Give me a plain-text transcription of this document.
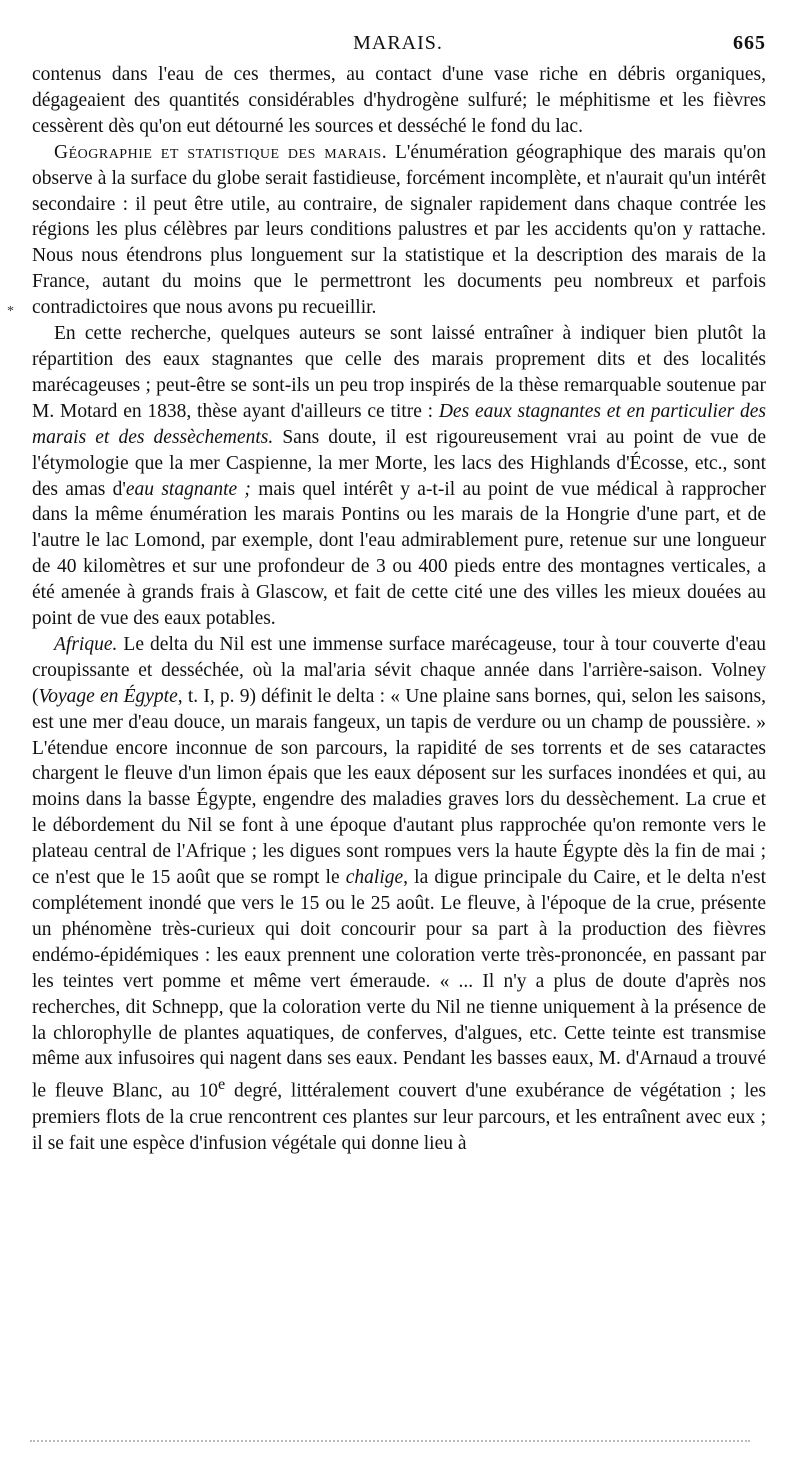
MARAIS.	665
*

contenus dans l'eau de ces thermes, au contact d'une vase riche en débris organiques, dégageaient des quantités considérables d'hydrogène sulfuré; le méphitisme et les fièvres cessèrent dès qu'on eut détourné les sources et desséché le fond du lac.

Géographie et statistique des marais. L'énumération géographique des marais qu'on observe à la surface du globe serait fastidieuse, forcément incomplète, et n'aurait qu'un intérêt secondaire : il peut être utile, au contraire, de signaler rapidement dans chaque contrée les régions les plus célèbres par leurs conditions palustres et par les accidents qu'on y rattache. Nous nous étendrons plus longuement sur la statistique et la description des marais de la France, autant du moins que le permettront les documents peu nombreux et parfois contradictoires que nous avons pu recueillir.

En cette recherche, quelques auteurs se sont laissé entraîner à indiquer bien plutôt la répartition des eaux stagnantes que celle des marais proprement dits et des localités marécageuses ; peut-être se sont-ils un peu trop inspirés de la thèse remarquable soutenue par M. Motard en 1838, thèse ayant d'ailleurs ce titre : Des eaux stagnantes et en particulier des marais et des dessèchements. Sans doute, il est rigoureusement vrai au point de vue de l'étymologie que la mer Caspienne, la mer Morte, les lacs des Highlands d'Écosse, etc., sont des amas d'eau stagnante ; mais quel intérêt y a-t-il au point de vue médical à rapprocher dans la même énumération les marais Pontins ou les marais de la Hongrie d'une part, et de l'autre le lac Lomond, par exemple, dont l'eau admirablement pure, retenue sur une longueur de 40 kilomètres et sur une profondeur de 3 ou 400 pieds entre des montagnes verticales, a été amenée à grands frais à Glascow, et fait de cette cité une des villes les mieux douées au point de vue des eaux potables.

Afrique. Le delta du Nil est une immense surface marécageuse, tour à tour couverte d'eau croupissante et desséchée, où la mal'aria sévit chaque année dans l'arrière-saison. Volney (Voyage en Égypte, t. I, p. 9) définit le delta : « Une plaine sans bornes, qui, selon les saisons, est une mer d'eau douce, un marais fangeux, un tapis de verdure ou un champ de poussière. » L'étendue encore inconnue de son parcours, la rapidité de ses torrents et de ses cataractes chargent le fleuve d'un limon épais que les eaux déposent sur les surfaces inondées et qui, au moins dans la basse Égypte, engendre des maladies graves lors du dessèchement. La crue et le débordement du Nil se font à une époque d'autant plus rapprochée qu'on remonte vers le plateau central de l'Afrique ; les digues sont rompues vers la haute Égypte dès la fin de mai ; ce n'est que le 15 août que se rompt le chalige, la digue principale du Caire, et le delta n'est complétement inondé que vers le 15 ou le 25 août. Le fleuve, à l'époque de la crue, présente un phénomène très-curieux qui doit concourir pour sa part à la production des fièvres endémo-épidémiques : les eaux prennent une coloration verte très-prononcée, en passant par les teintes vert pomme et même vert émeraude. « ... Il n'y a plus de doute d'après nos recherches, dit Schnepp, que la coloration verte du Nil ne tienne uniquement à la présence de la chlorophylle de plantes aquatiques, de conferves, d'algues, etc. Cette teinte est transmise même aux infusoires qui nagent dans ses eaux. Pendant les basses eaux, M. d'Arnaud a trouvé le fleuve Blanc, au 10e degré, littéralement couvert d'une exubérance de végétation ; les premiers flots de la crue rencontrent ces plantes sur leur parcours, et les entraînent avec eux ; il se fait une espèce d'infusion végétale qui donne lieu à
